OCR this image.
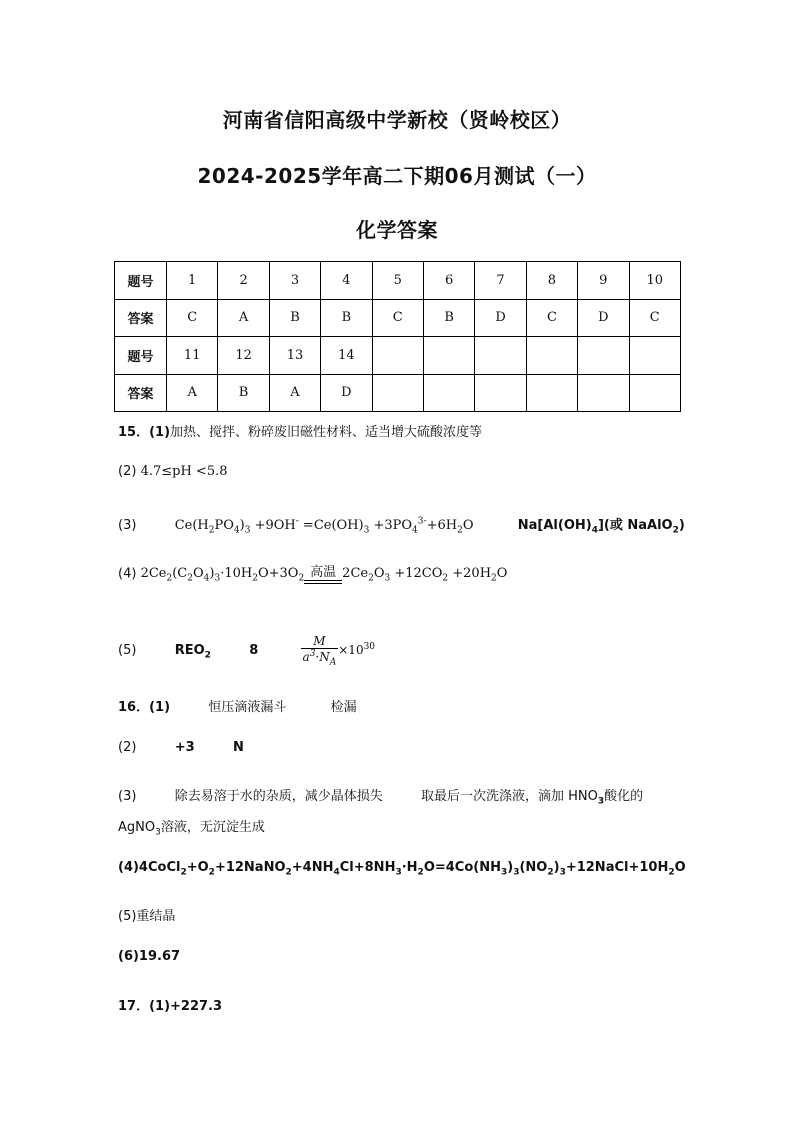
河南省信阳高级中学新校（贤岭校区）
2024-2025学年高二下期06月测试（一）
化学答案
题号	1	2	3	4	5	6	7	8	9	10
答案	C	A	B	B	C	B	D	C	D	C
题号	11	12	13	14						
答案	A	B	A	D						
15．(1)加热、搅拌、粉碎废旧磁性材料、适当增大硫酸浓度等
(2) 4.7≤pH <5.8
(3)	$Ce(H_2PO_4)_3 +9OH^- =Ce(OH)_3 +3PO_4^{3-}+6H_2O$	$Na[Al(OH)_4]$(或 NaAlO$_2$)
(4) $2Ce_2(C_2O_4)_3\cdot 10H_2O+3O_2$ 高温 $2Ce_2O_3 +12CO_2 +20H_2O$
(5)	$REO_2$	8	$\frac{M}{a^3\cdot N_A} \times 10^{30}$
16．(1)	恒压滴液漏斗	检漏
(2)	+3	N
(3)	除去易溶于水的杂质，减少晶体损失	取最后一次洗涤液，滴加 $HNO_3$酸化的
AgNO$_3$溶液，无沉淀生成
$(4)4CoCl_2+O_2+12NaNO_2+4NH_4Cl+8NH_3\cdot H_2O=4Co(NH_3)_3(NO_2)_3+12NaCl+10H_2O$
(5)重结晶
(6)19.67
17．(1)+227.3
